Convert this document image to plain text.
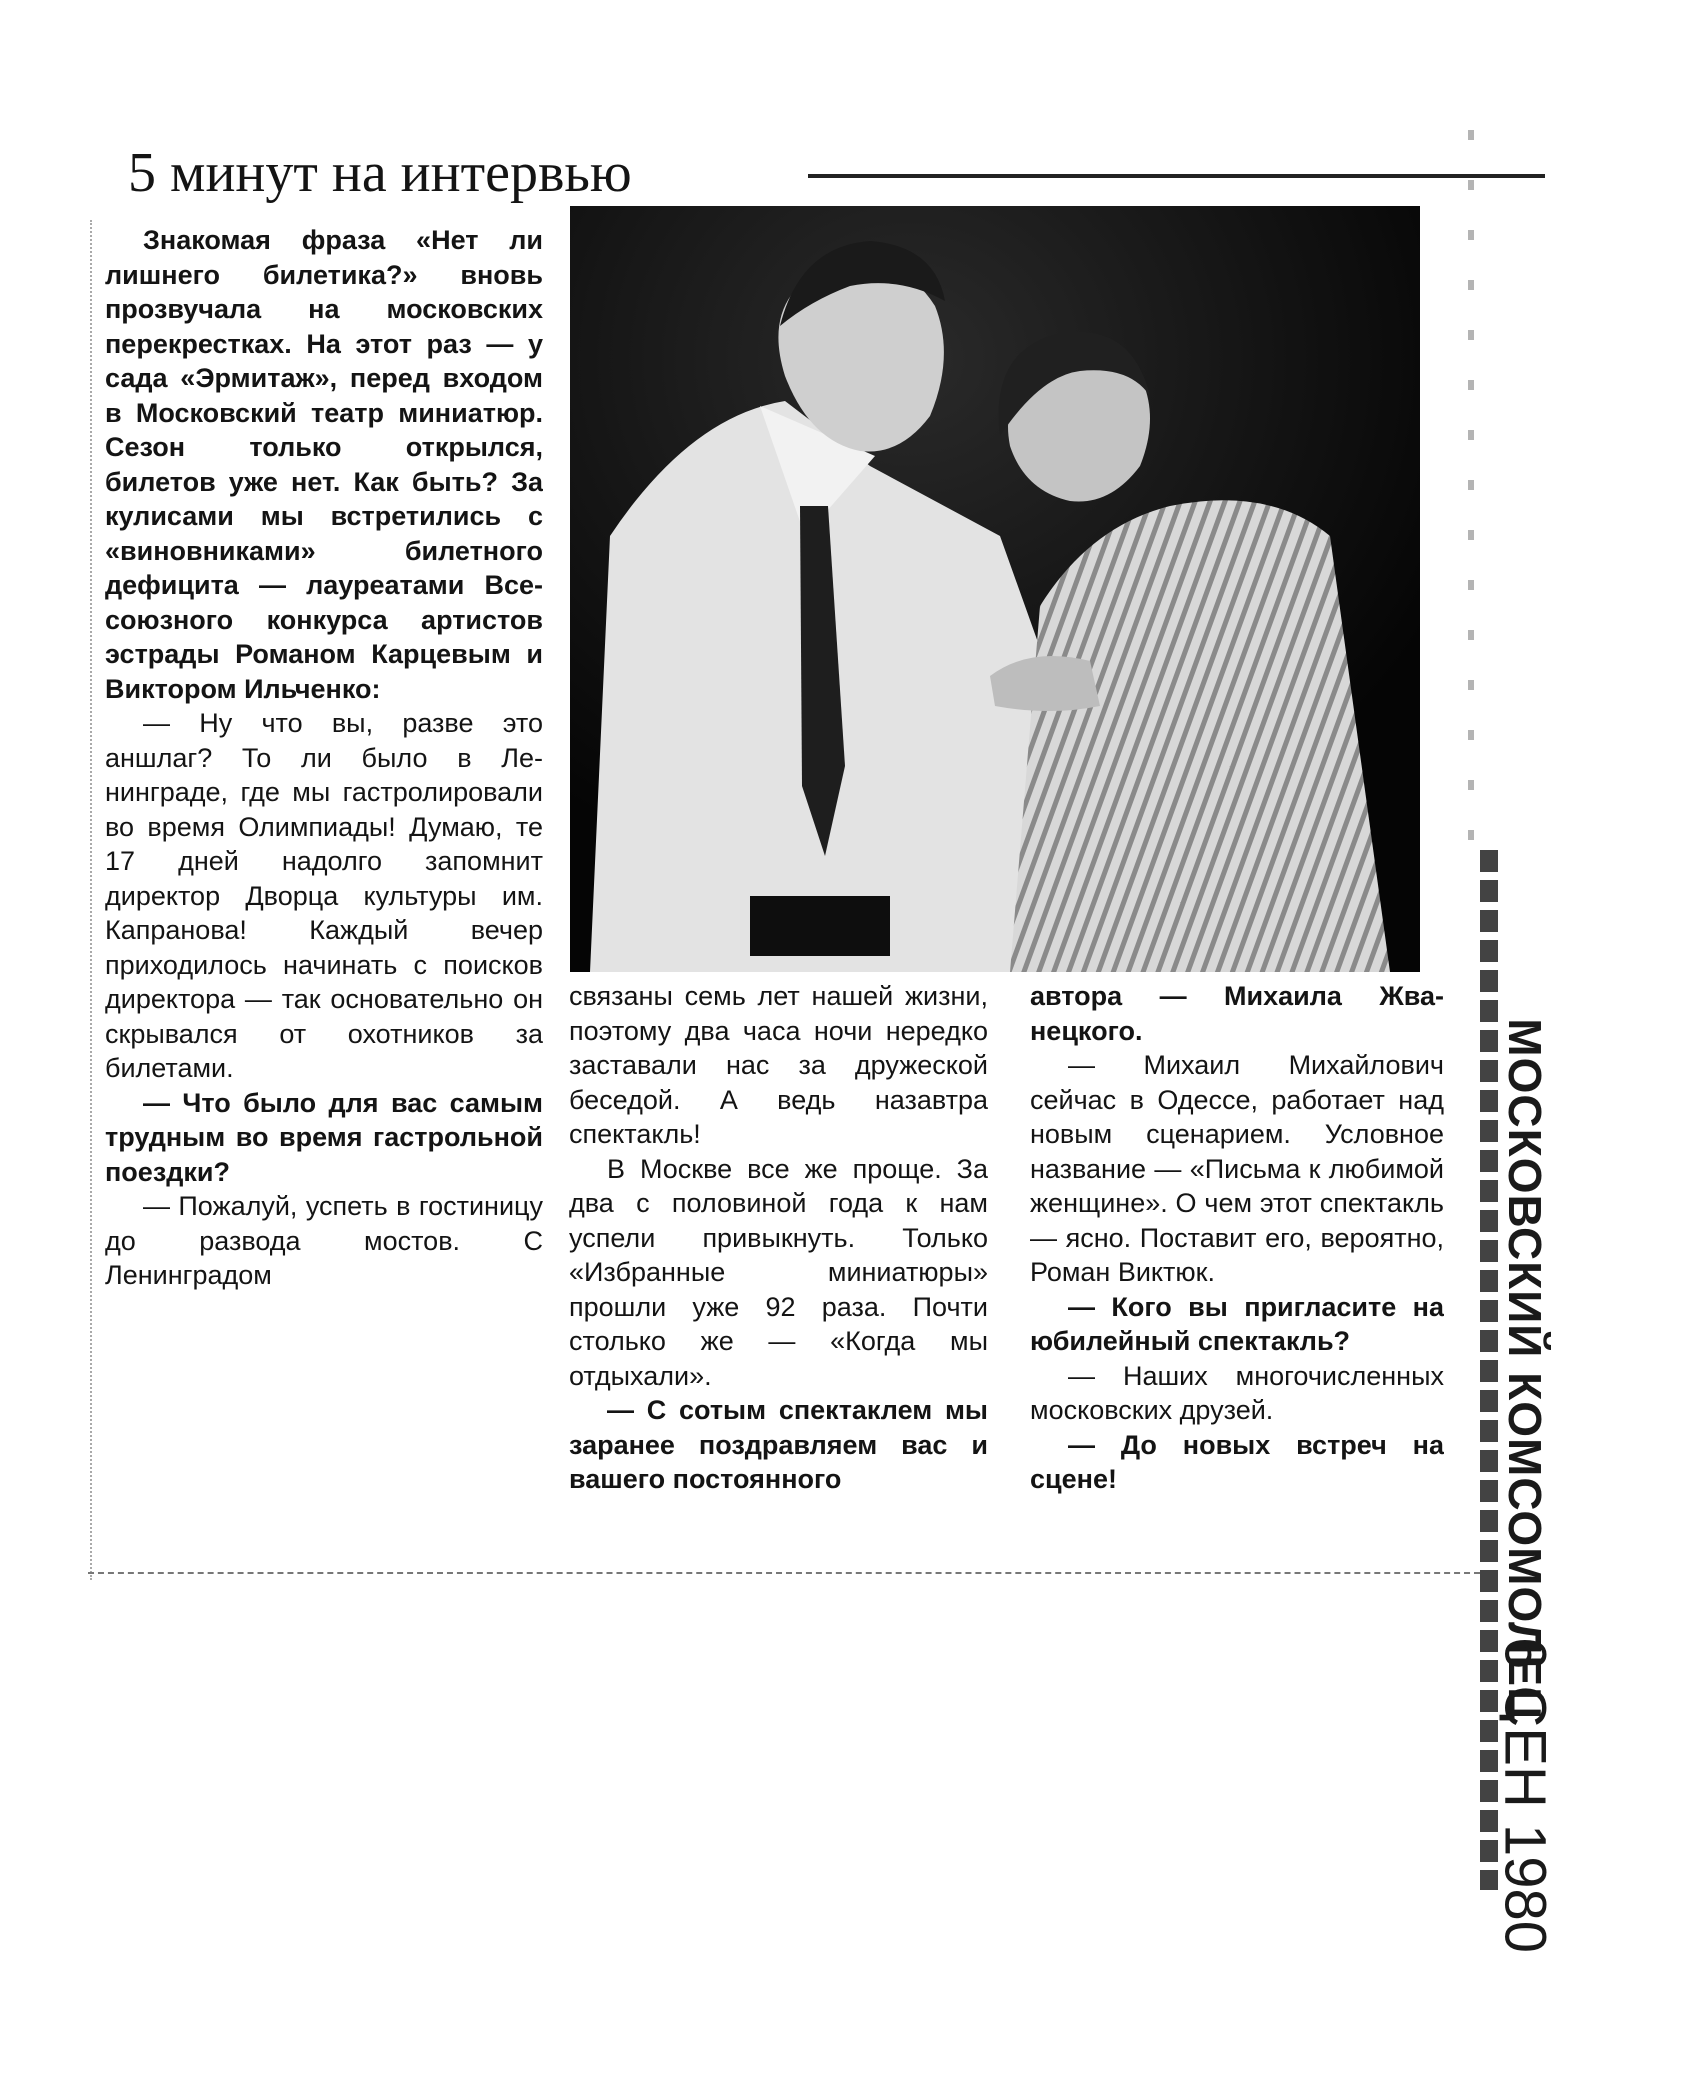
5 минут на интервью

Знакомая фраза «Нет ли лишнего билетика?» вновь прозвучала на московских перекрестках. На этот раз — у сада «Эрмитаж», перед входом в Московский театр миниатюр. Сезон только открылся, билетов уже нет. Как быть? За кулисами мы встретились с «виновниками» билетного дефицита — лауреатами Всесоюзного конкурса артистов эстрады Романом Карцевым и Виктором Ильченко:

— Ну что вы, разве это аншлаг? То ли было в Ленинграде, где мы гастролировали во время Олимпиады! Думаю, те 17 дней надолго запомнит директор Дворца культуры им. Капранова! Каждый вечер приходилось начинать с поисков директора — так основательно он скрывался от охотников за билетами.

— Что было для вас самым трудным во время гастрольной поездки?

— Пожалуй, успеть в гостиницу до развода мостов. С Ленинградом

связаны семь лет нашей жизни, поэтому два часа ночи нередко заставали нас за дружеской беседой. А ведь назавтра спектакль!

В Москве все же проще. За два с половиной года к нам успели привыкнуть. Только «Избранные миниатюры» прошли уже 92 раза. Почти столько же — «Когда мы отдыхали».

— С сотым спектаклем мы заранее поздравляем вас и вашего постоянного

автора — Михаила Жванецкого.

— Михаил Михайлович сейчас в Одессе, работает над новым сценарием. Условное название — «Письма к любимой женщине». О чем этот спектакль — ясно. Поставит его, вероятно, Роман Виктюк.

— Кого вы пригласите на юбилейный спектакль?

— Наших многочисленных московских друзей.

— До новых встреч на сцене!	МОСКОВСКИЙ КОМСОМОЛЕЦ
6 СЕН 1980
